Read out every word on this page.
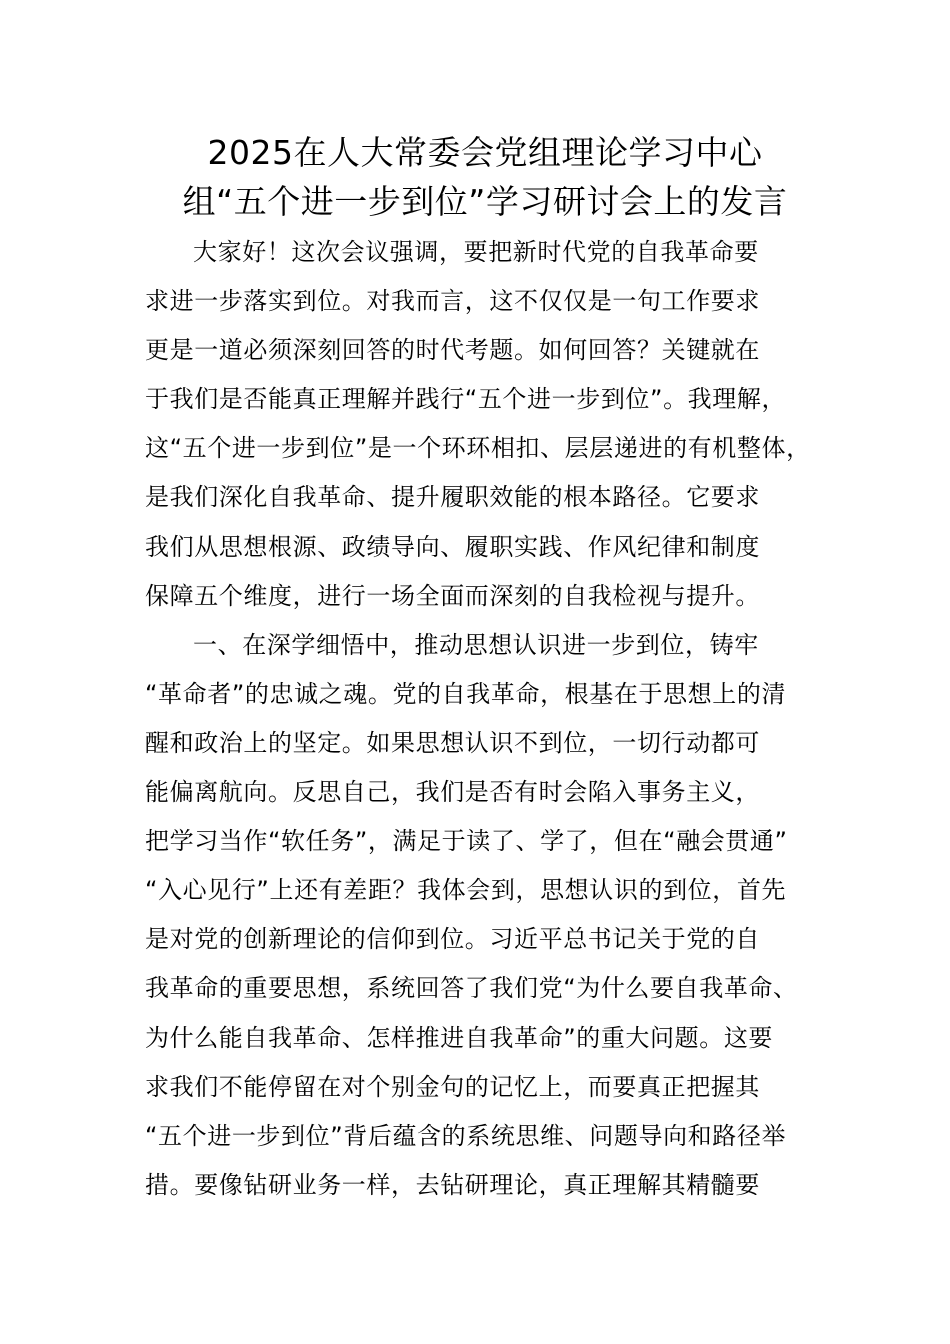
2025在人大常委会党组理论学习中心
组“五个进一步到位”学习研讨会上的发言
大家好！这次会议强调，要把新时代党的自我革命要
求进一步落实到位。对我而言，这不仅仅是一句工作要求
更是一道必须深刻回答的时代考题。如何回答？关键就在
于我们是否能真正理解并践行“五个进一步到位”。我理解，
这“五个进一步到位”是一个环环相扣、层层递进的有机整体，
是我们深化自我革命、提升履职效能的根本路径。它要求
我们从思想根源、政绩导向、履职实践、作风纪律和制度
保障五个维度，进行一场全面而深刻的自我检视与提升。
一、在深学细悟中，推动思想认识进一步到位，铸牢
“革命者”的忠诚之魂。党的自我革命，根基在于思想上的清
醒和政治上的坚定。如果思想认识不到位，一切行动都可
能偏离航向。反思自己，我们是否有时会陷入事务主义，
把学习当作“软任务”，满足于读了、学了，但在“融会贯通”
“入心见行”上还有差距？我体会到，思想认识的到位，首先
是对党的创新理论的信仰到位。习近平总书记关于党的自
我革命的重要思想，系统回答了我们党“为什么要自我革命、
为什么能自我革命、怎样推进自我革命”的重大问题。这要
求我们不能停留在对个别金句的记忆上，而要真正把握其
“五个进一步到位”背后蕴含的系统思维、问题导向和路径举
措。要像钻研业务一样，去钻研理论，真正理解其精髓要
